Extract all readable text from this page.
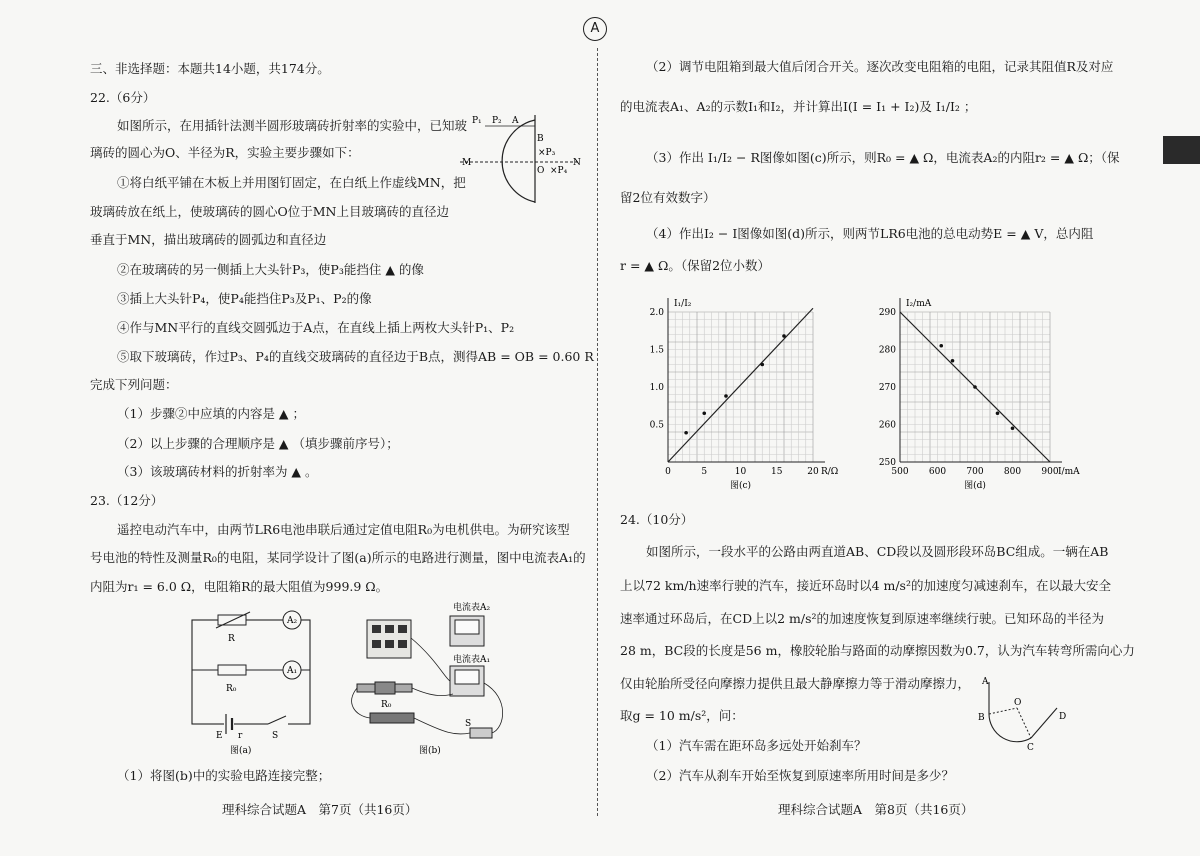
A
三、非选择题：本题共14小题，共174分。
22.（6分）
如图所示，在用插针法测半圆形玻璃砖折射率的实验中，已知玻
璃砖的圆心为O、半径为R，实验主要步骤如下：
①将白纸平铺在木板上并用图钉固定，在白纸上作虚线MN，把
玻璃砖放在纸上，使玻璃砖的圆心O位于MN上目玻璃砖的直径边
垂直于MN，描出玻璃砖的圆弧边和直径边
②在玻璃砖的另一侧插上大头针P₃，使P₃能挡住 ▲ 的像
③插上大头针P₄，使P₄能挡住P₃及P₁、P₂的像
④作与MN平行的直线交圆弧边于A点，在直线上插上两枚大头针P₁、P₂
⑤取下玻璃砖，作过P₃、P₄的直线交玻璃砖的直径边于B点，测得AB = OB = 0.60 R
完成下列问题：
（1）步骤②中应填的内容是 ▲ ；
（2）以上步骤的合理顺序是 ▲ （填步骤前序号）；
（3）该玻璃砖材料的折射率为 ▲ 。
P₁ P₂ A
B
×P₃
M	N
O ×P₄
23.（12分）
遥控电动汽车中，由两节LR6电池串联后通过定值电阻R₀为电机供电。为研究该型
号电池的特性及测量R₀的电阻，某同学设计了图(a)所示的电路进行测量，图中电流表A₁的
内阻为r₁ = 6.0 Ω，电阻箱R的最大阻值为999.9 Ω。
R
A₂
A₁
R₀
E r	S
图(a)
电流表A₂
电流表A₁
R₀
S
图(b)
（1）将图(b)中的实验电路连接完整；
理科综合试题A　第7页（共16页）
（2）调节电阻箱到最大值后闭合开关。逐次改变电阻箱的电阻，记录其阻值R及对应
的电流表A₁、A₂的示数I₁和I₂，并计算出I(I = I₁ + I₂)及 I₁/I₂ ；
（3）作出 I₁/I₂ − R图像如图(c)所示，则R₀ = ▲ Ω，电流表A₂的内阻r₂ = ▲ Ω；（保
留2位有效数字）
（4）作出I₂ − I图像如图(d)所示，则两节LR6电池的总电动势E = ▲ V，总内阻
r = ▲ Ω。（保留2位小数）
0	5	10	15	20
0.5
1.0
1.5
2.0
I₁/I₂
R/Ω
图(c)
500 600 700 800 900
250
260
270
280
290
I₂/mA
I/mA
图(d)
24.（10分）
如图所示，一段水平的公路由两直道AB、CD段以及圆形段环岛BC组成。一辆在AB
上以72 km/h速率行驶的汽车，接近环岛时以4 m/s²的加速度匀减速刹车，在以最大安全
速率通过环岛后，在CD上以2 m/s²的加速度恢复到原速率继续行驶。已知环岛的半径为
28 m，BC段的长度是56 m，橡胶轮胎与路面的动摩擦因数为0.7，认为汽车转弯所需向心力
仅由轮胎所受径向摩擦力提供且最大静摩擦力等于滑动摩擦力，
取g = 10 m/s²，问：
（1）汽车需在距环岛多远处开始刹车？
（2）汽车从刹车开始至恢复到原速率所用时间是多少？
A
B
O
C
D
理科综合试题A　第8页（共16页）
